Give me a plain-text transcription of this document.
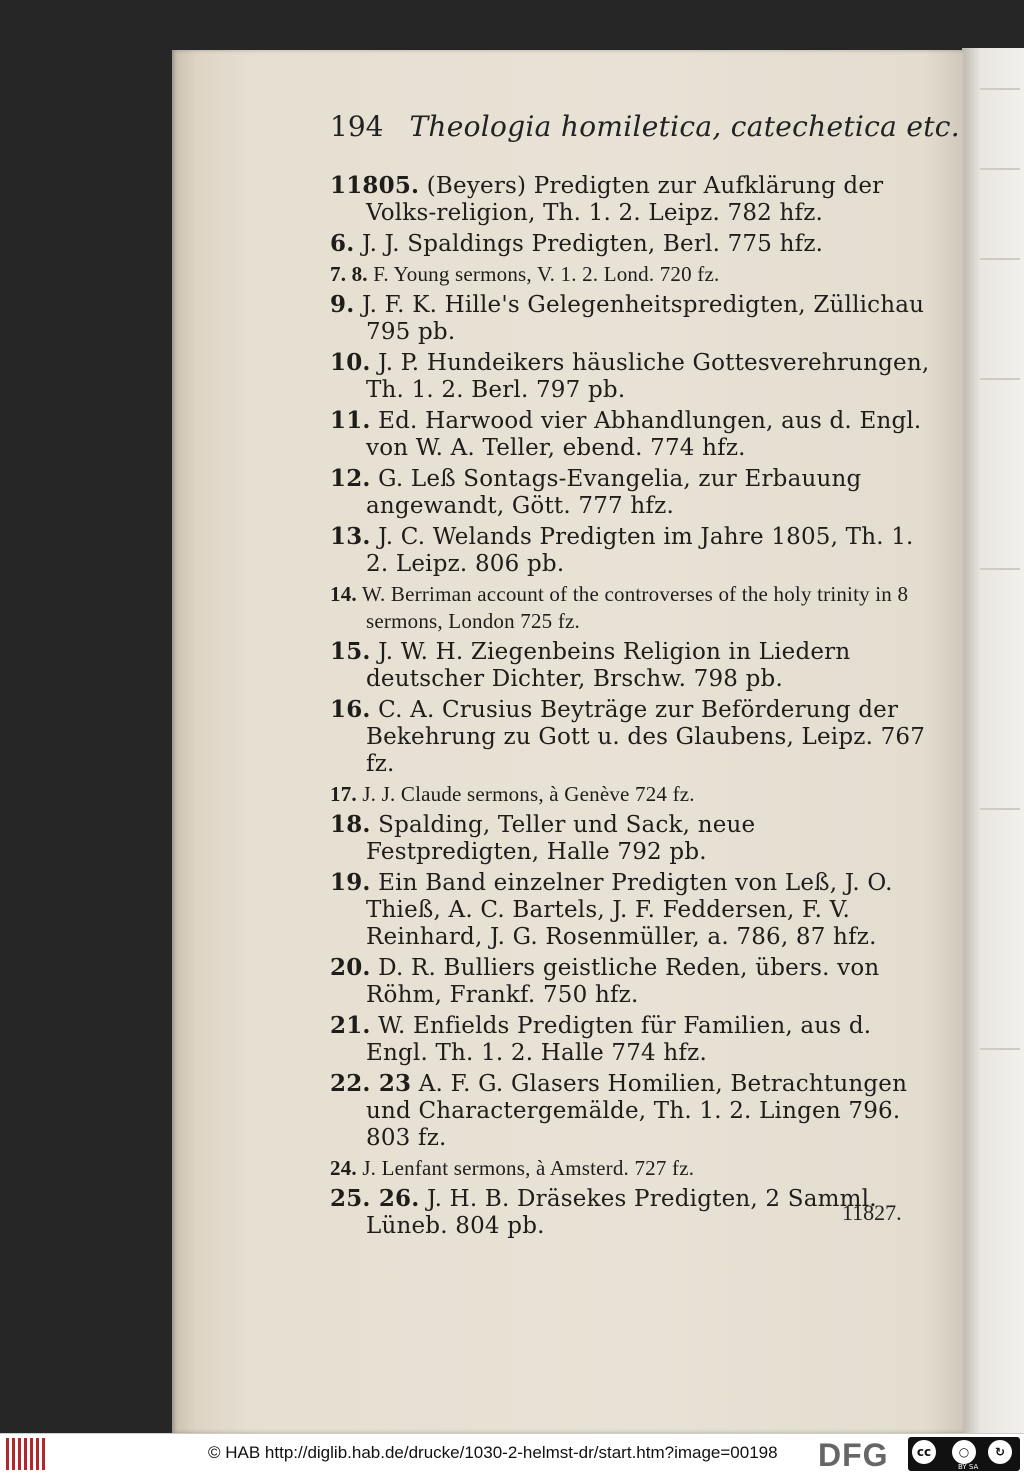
194 Theologia homiletica, catechetica etc.
11805. (Beyers) Predigten zur Aufklärung der Volks-religion, Th. 1. 2. Leipz. 782 hfz.
6. J. J. Spaldings Predigten, Berl. 775 hfz.
7. 8. F. Young sermons, V. 1. 2. Lond. 720 fz.
9. J. F. K. Hille's Gelegenheitspredigten, Züllichau 795 pb.
10. J. P. Hundeikers häusliche Gottesverehrungen, Th. 1. 2. Berl. 797 pb.
11. Ed. Harwood vier Abhandlungen, aus d. Engl. von W. A. Teller, ebend. 774 hfz.
12. G. Leß Sontags-Evangelia, zur Erbauung angewandt, Gött. 777 hfz.
13. J. C. Welands Predigten im Jahre 1805, Th. 1. 2. Leipz. 806 pb.
14. W. Berriman account of the controverses of the holy trinity in 8 sermons, London 725 fz.
15. J. W. H. Ziegenbeins Religion in Liedern deutscher Dichter, Brschw. 798 pb.
16. C. A. Crusius Beyträge zur Beförderung der Bekehrung zu Gott u. des Glaubens, Leipz. 767 fz.
17. J. J. Claude sermons, à Genève 724 fz.
18. Spalding, Teller und Sack, neue Festpredigten, Halle 792 pb.
19. Ein Band einzelner Predigten von Leß, J. O. Thieß, A. C. Bartels, J. F. Feddersen, F. V. Reinhard, J. G. Rosenmüller, a. 786, 87 hfz.
20. D. R. Bulliers geistliche Reden, übers. von Röhm, Frankf. 750 hfz.
21. W. Enfields Predigten für Familien, aus d. Engl. Th. 1. 2. Halle 774 hfz.
22. 23 A. F. G. Glasers Homilien, Betrachtungen und Charactergemälde, Th. 1. 2. Lingen 796. 803 fz.
24. J. Lenfant sermons, à Amsterd. 727 fz.
25. 26. J. H. B. Dräsekes Predigten, 2 Samml. Lüneb. 804 pb.
11827.
© HAB http://diglib.hab.de/drucke/1030-2-helmst-dr/start.htm?image=00198 DFG	cc	○	↻
BY SA
